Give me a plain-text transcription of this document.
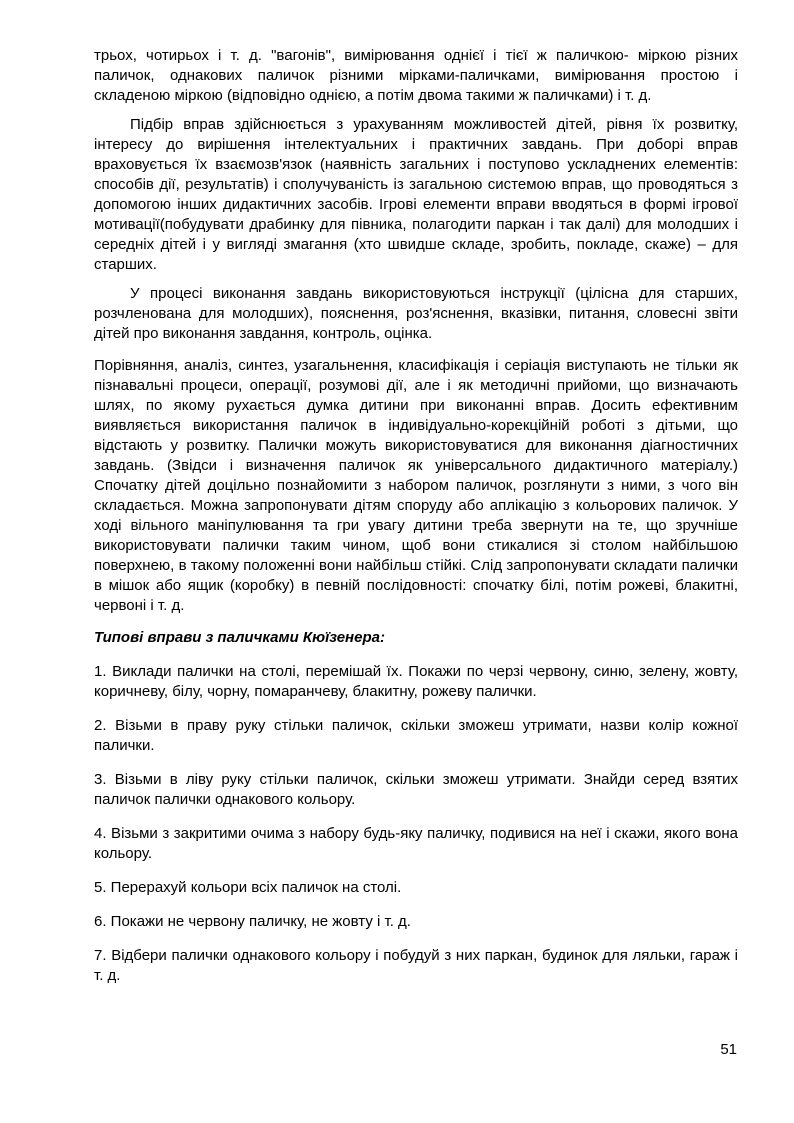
трьох, чотирьох і т. д. "вагонів", вимірювання однієї і тієї ж паличкою- міркою різних паличок, однакових паличок різними мірками-паличками, вимірювання простою і складеною міркою (відповідно однією, а потім двома такими ж паличками) і т. д.

Підбір вправ здійснюється з урахуванням можливостей дітей, рівня їх розвитку, інтересу до вирішення інтелектуальних і практичних завдань. При доборі вправ враховується їх взаємозв'язок (наявність загальних і поступово ускладнених елементів: способів дії, результатів) і сполучуваність із загальною системою вправ, що проводяться з допомогою інших дидактичних засобів. Ігрові елементи вправи вводяться в формі ігрової мотивації(побудувати драбинку для півника, полагодити паркан і так далі) для молодших і середніх дітей і у вигляді змагання (хто швидше складе, зробить, покладе, скаже) – для старших.

У процесі виконання завдань використовуються інструкції (цілісна для старших, розчленована для молодших), пояснення, роз'яснення, вказівки, питання, словесні звіти дітей про виконання завдання, контроль, оцінка.

Порівняння, аналіз, синтез, узагальнення, класифікація і серіація виступають не тільки як пізнавальні процеси, операції, розумові дії, але і як методичні прийоми, що визначають шлях, по якому рухається думка дитини при виконанні вправ. Досить ефективним виявляється використання паличок в індивідуально-корекційній роботі з дітьми, що відстають у розвитку. Палички можуть використовуватися для виконання діагностичних завдань. (Звідси і визначення паличок як універсального дидактичного матеріалу.) Спочатку дітей доцільно познайомити з набором паличок, розглянути з ними, з чого він складається. Можна запропонувати дітям споруду або аплікацію з кольорових паличок. У ході вільного маніпулювання та гри увагу дитини треба звернути на те, що зручніше використовувати палички таким чином, щоб вони стикалися зі столом найбільшою поверхнею, в такому положенні вони найбільш стійкі. Слід запропонувати складати палички в мішок або ящик (коробку) в певній послідовності: спочатку білі, потім рожеві, блакитні, червоні і т. д.

Типові вправи з паличками Кюїзенера:

1. Виклади палички на столі, перемішай їх. Покажи по черзі червону, синю, зелену, жовту, коричневу, білу, чорну, помаранчеву, блакитну, рожеву палички.
2. Візьми в праву руку стільки паличок, скільки зможеш утримати, назви колір кожної палички.
3. Візьми в ліву руку стільки паличок, скільки зможеш утримати. Знайди серед взятих паличок палички однакового кольору.
4. Візьми з закритими очима з набору будь-яку паличку, подивися на неї і скажи, якого вона кольору.
5. Перерахуй кольори всіх паличок на столі.
6. Покажи не червону паличку, не жовту і т. д.
7. Відбери палички однакового кольору і побудуй з них паркан, будинок для ляльки, гараж і т. д.
51
